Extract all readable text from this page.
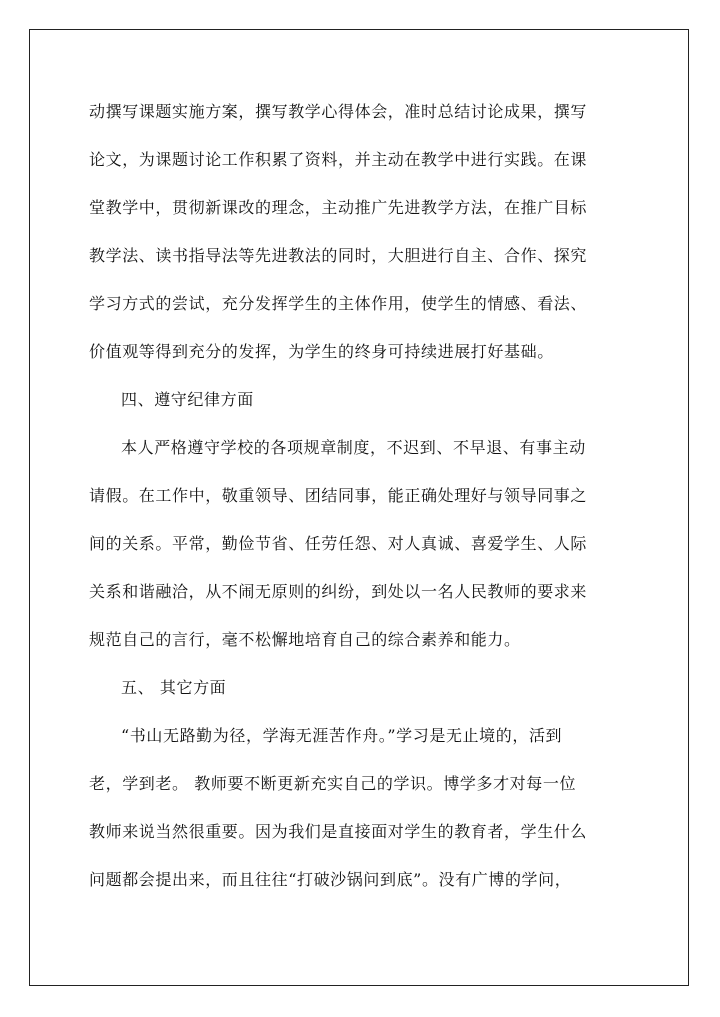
动撰写课题实施方案，撰写教学心得体会，准时总结讨论成果，撰写
论文，为课题讨论工作积累了资料，并主动在教学中进行实践。在课
堂教学中，贯彻新课改的理念，主动推广先进教学方法，在推广目标
教学法、读书指导法等先进教法的同时，大胆进行自主、合作、探究
学习方式的尝试，充分发挥学生的主体作用，使学生的情感、看法、
价值观等得到充分的发挥，为学生的终身可持续进展打好基础。
四、遵守纪律方面
本人严格遵守学校的各项规章制度，不迟到、不早退、有事主动
请假。在工作中，敬重领导、团结同事，能正确处理好与领导同事之
间的关系。平常，勤俭节省、任劳任怨、对人真诚、喜爱学生、人际
关系和谐融洽，从不闹无原则的纠纷，到处以一名人民教师的要求来
规范自己的言行，毫不松懈地培育自己的综合素养和能力。
五、 其它方面
“书山无路勤为径，学海无涯苦作舟。”学习是无止境的，活到
老，学到老。 教师要不断更新充实自己的学识。博学多才对每一位
教师来说当然很重要。因为我们是直接面对学生的教育者，学生什么
问题都会提出来，而且往往“打破沙锅问到底”。没有广博的学问，
